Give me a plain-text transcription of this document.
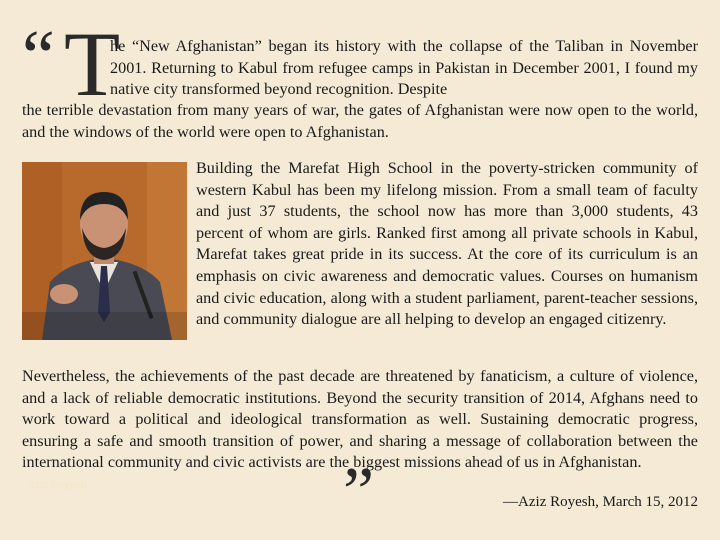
“ T

he “New Afghanistan” began its history with the collapse of the Taliban in November 2001. Returning to Kabul from refugee camps in Pakistan in December 2001, I found my native city transformed beyond recognition. Despite

the terrible devastation from many years of war, the gates of Afghanistan were now open to the world, and the windows of the world were open to Afghanistan.

Aziz Royesh

Building the Marefat High School in the poverty-stricken community of western Kabul has been my lifelong mission. From a small team of faculty and just 37 students, the school now has more than 3,000 students, 43 percent of whom are girls. Ranked first among all private schools in Kabul, Marefat takes great pride in its success. At the core of its curriculum is an emphasis on civic awareness and democratic values. Courses on humanism and civic education, along with a student parliament, parent-teacher sessions, and community dialogue are all helping to develop an engaged citizenry.

Nevertheless, the achievements of the past decade are threatened by fanaticism, a culture of violence, and a lack of reliable democratic institutions. Beyond the security transition of 2014, Afghans need to work toward a political and ideological transformation as well. Sustaining democratic progress, ensuring a safe and smooth transition of power, and sharing a message of collaboration between the international community and civic activists are the biggest missions ahead of us in Afghanistan.

”	—Aziz Royesh, March 15, 2012
